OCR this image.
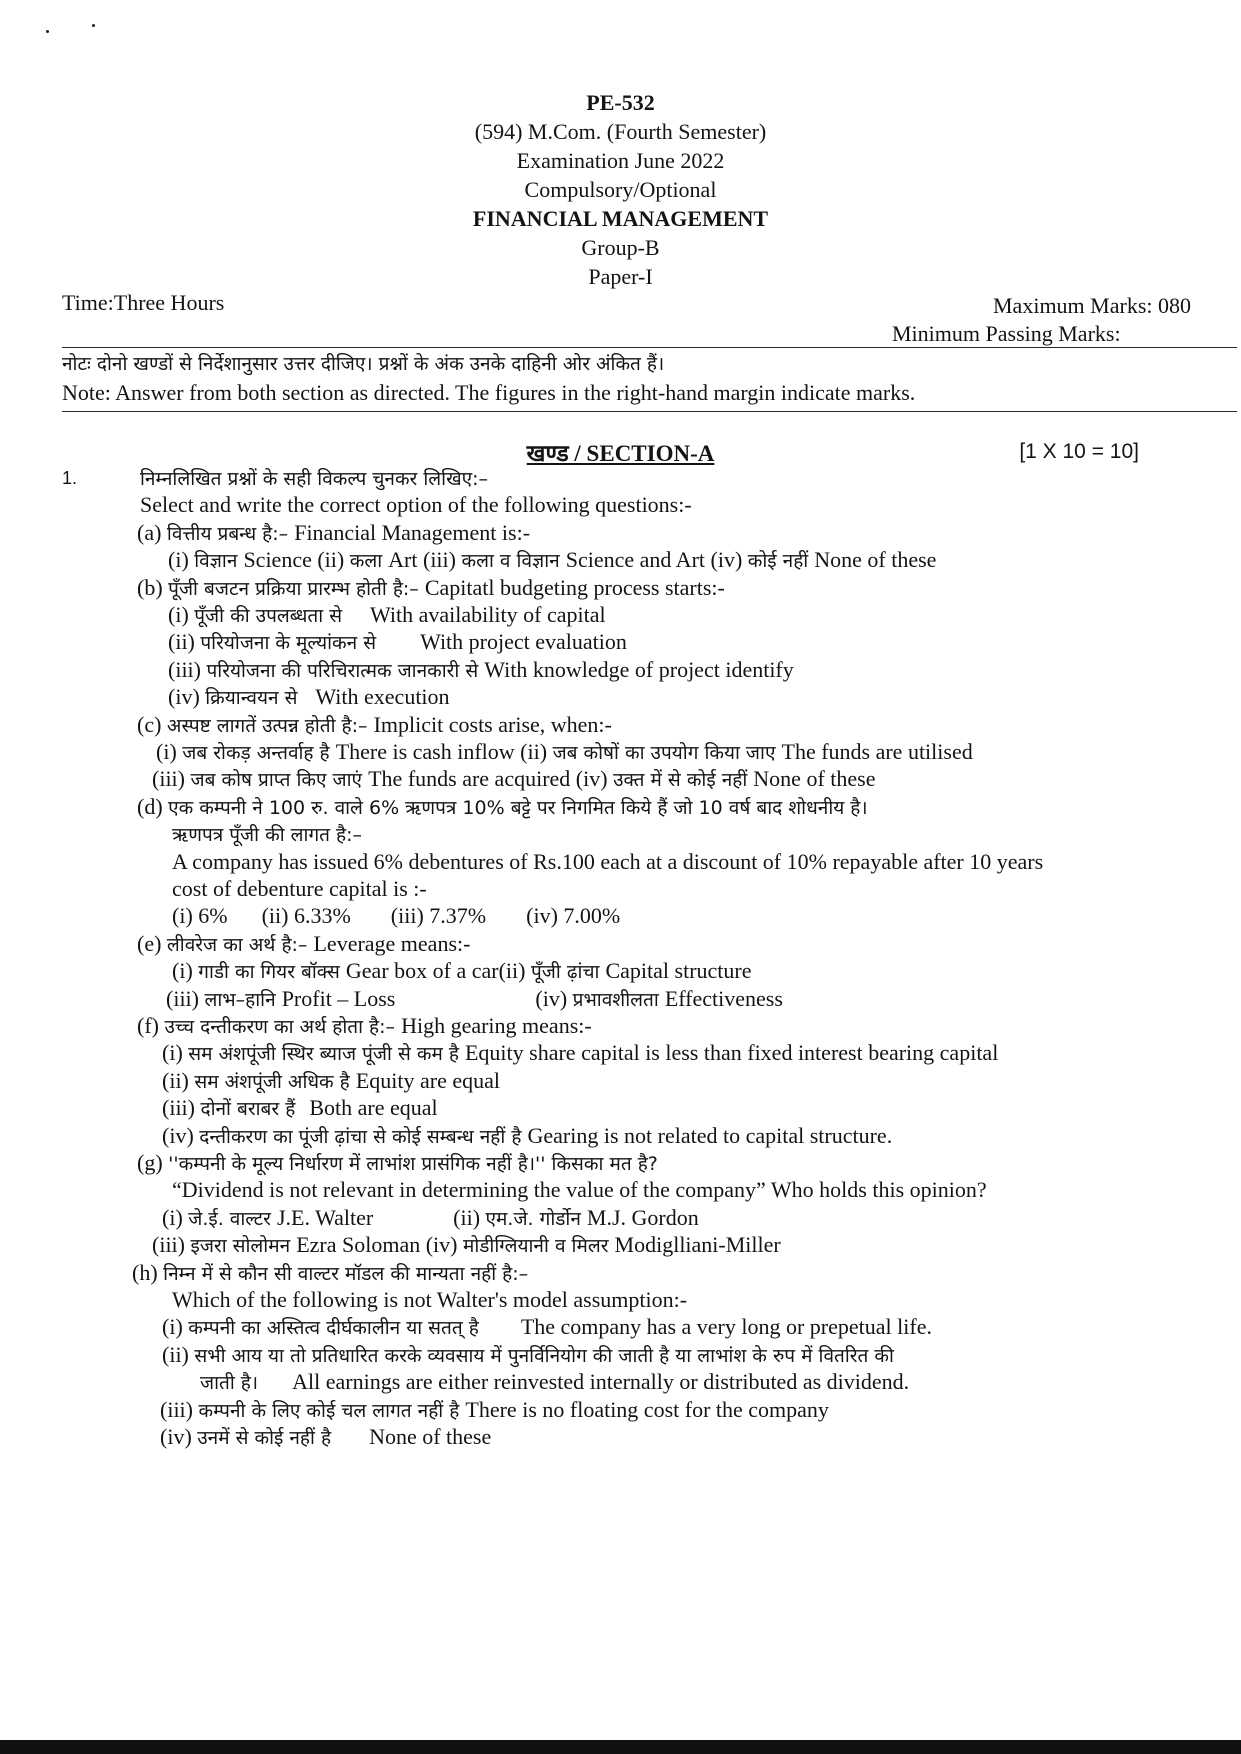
PE-532
(594) M.Com. (Fourth Semester)
Examination June 2022
Compulsory/Optional
FINANCIAL MANAGEMENT
Group-B
Paper-I
Time:Three Hours	Maximum Marks: 080
Minimum Passing Marks:
नोटः दोनो खण्डों से निर्देशानुसार उत्तर दीजिए। प्रश्नों के अंक उनके दाहिनी ओर अंकित हैं।
Note: Answer from both section as directed. The figures in the right-hand margin indicate marks.
खण्ड / SECTION-A	[1 X 10 = 10]
1.	निम्नलिखित प्रश्नों के सही विकल्प चुनकर लिखिए:–
Select and write the correct option of the following questions:-
(a) वित्तीय प्रबन्ध है:– Financial Management is:-
(i) विज्ञान Science (ii) कला Art (iii) कला व विज्ञान Science and Art (iv) कोई नहीं None of these
(b) पूँजी बजटन प्रक्रिया प्रारम्भ होती है:– Capitatl budgeting process starts:-
(i) पूँजी की उपलब्धता से With availability of capital
(ii) परियोजना के मूल्यांकन से With project evaluation
(iii) परियोजना की परिचिरात्मक जानकारी से With knowledge of project identify
(iv) क्रियान्वयन से With execution
(c) अस्पष्ट लागतें उत्पन्न होती है:– Implicit costs arise, when:-
(i) जब रोकड़ अन्तर्वाह है There is cash inflow (ii) जब कोषों का उपयोग किया जाए The funds are utilised
(iii) जब कोष प्राप्त किए जाएं The funds are acquired (iv) उक्त में से कोई नहीं None of these
(d) एक कम्पनी ने 100 रु. वाले 6% ऋणपत्र 10% बट्टे पर निगमित किये हैं जो 10 वर्ष बाद शोधनीय है।
ऋणपत्र पूँजी की लागत है:–
A company has issued 6% debentures of Rs.100 each at a discount of 10% repayable after 10 years
cost of debenture capital is :-
(i) 6% (ii) 6.33% (iii) 7.37% (iv) 7.00%
(e) लीवरेज का अर्थ है:– Leverage means:-
(i) गाडी का गियर बॉक्स Gear box of a car(ii) पूँजी ढ़ांचा Capital structure
(iii) लाभ–हानि Profit – Loss	(iv) प्रभावशीलता Effectiveness
(f) उच्च दन्तीकरण का अर्थ होता है:– High gearing means:-
(i) सम अंशपूंजी स्थिर ब्याज पूंजी से कम है Equity share capital is less than fixed interest bearing capital
(ii) सम अंशपूंजी अधिक है Equity are equal
(iii) दोनों बराबर हैं Both are equal
(iv) दन्तीकरण का पूंजी ढ़ांचा से कोई सम्बन्ध नहीं है Gearing is not related to capital structure.
(g) ''कम्पनी के मूल्य निर्धारण में लाभांश प्रासंगिक नहीं है।'' किसका मत है?
“Dividend is not relevant in determining the value of the company” Who holds this opinion?
(i) जे.ई. वाल्टर J.E. Walter	(ii) एम.जे. गोर्डोन M.J. Gordon
(iii) इजरा सोलोमन Ezra Soloman (iv) मोडीग्लियानी व मिलर Modiglliani-Miller
(h) निम्न में से कौन सी वाल्टर मॉडल की मान्यता नहीं है:–
Which of the following is not Walter's model assumption:-
(i) कम्पनी का अस्तित्व दीर्घकालीन या सतत् है The company has a very long or prepetual life.
(ii) सभी आय या तो प्रतिधारित करके व्यवसाय में पुनर्विनियोग की जाती है या लाभांश के रुप में वितरित की
जाती है। All earnings are either reinvested internally or distributed as dividend.
(iii) कम्पनी के लिए कोई चल लागत नहीं है There is no floating cost for the company
(iv) उनमें से कोई नहीं है None of these
